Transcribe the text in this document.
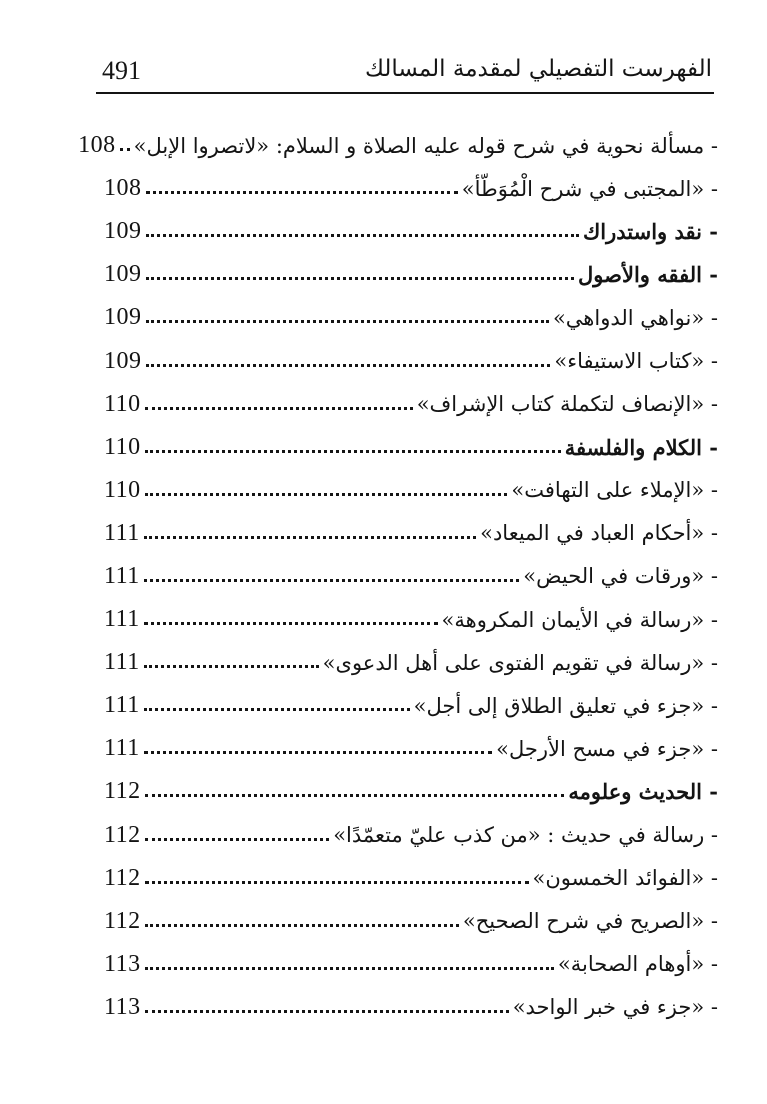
491	الفهرست التفصيلي لمقدمة المسالك
- مسألة نحوية في شرح قوله عليه الصلاة و السلام: «لاتصروا الإبل»
108
- «المجتبى في شرح الْمُوَطّأ»
108
- نقد واستدراك
109
- الفقه والأصول
109
- «نواهي الدواهي»
109
- «كتاب الاستيفاء»
109
- «الإنصاف لتكملة كتاب الإشراف»
110
- الكلام والفلسفة
110
- «الإملاء على التهافت»
110
- «أحكام العباد في الميعاد»
111
- «ورقات في الحيض»
111
- «رسالة في الأيمان المكروهة»
111
- «رسالة في تقويم الفتوى على أهل الدعوى»
111
- «جزء في تعليق الطلاق إلى أجل»
111
- «جزء في مسح الأرجل»
111
- الحديث وعلومه
112
- رسالة في حديث : «من كذب عليّ متعمّدًا»
112
- «الفوائد الخمسون»
112
- «الصريح في شرح الصحيح»
112
- «أوهام الصحابة»
113
- «جزء في خبر الواحد»
113
